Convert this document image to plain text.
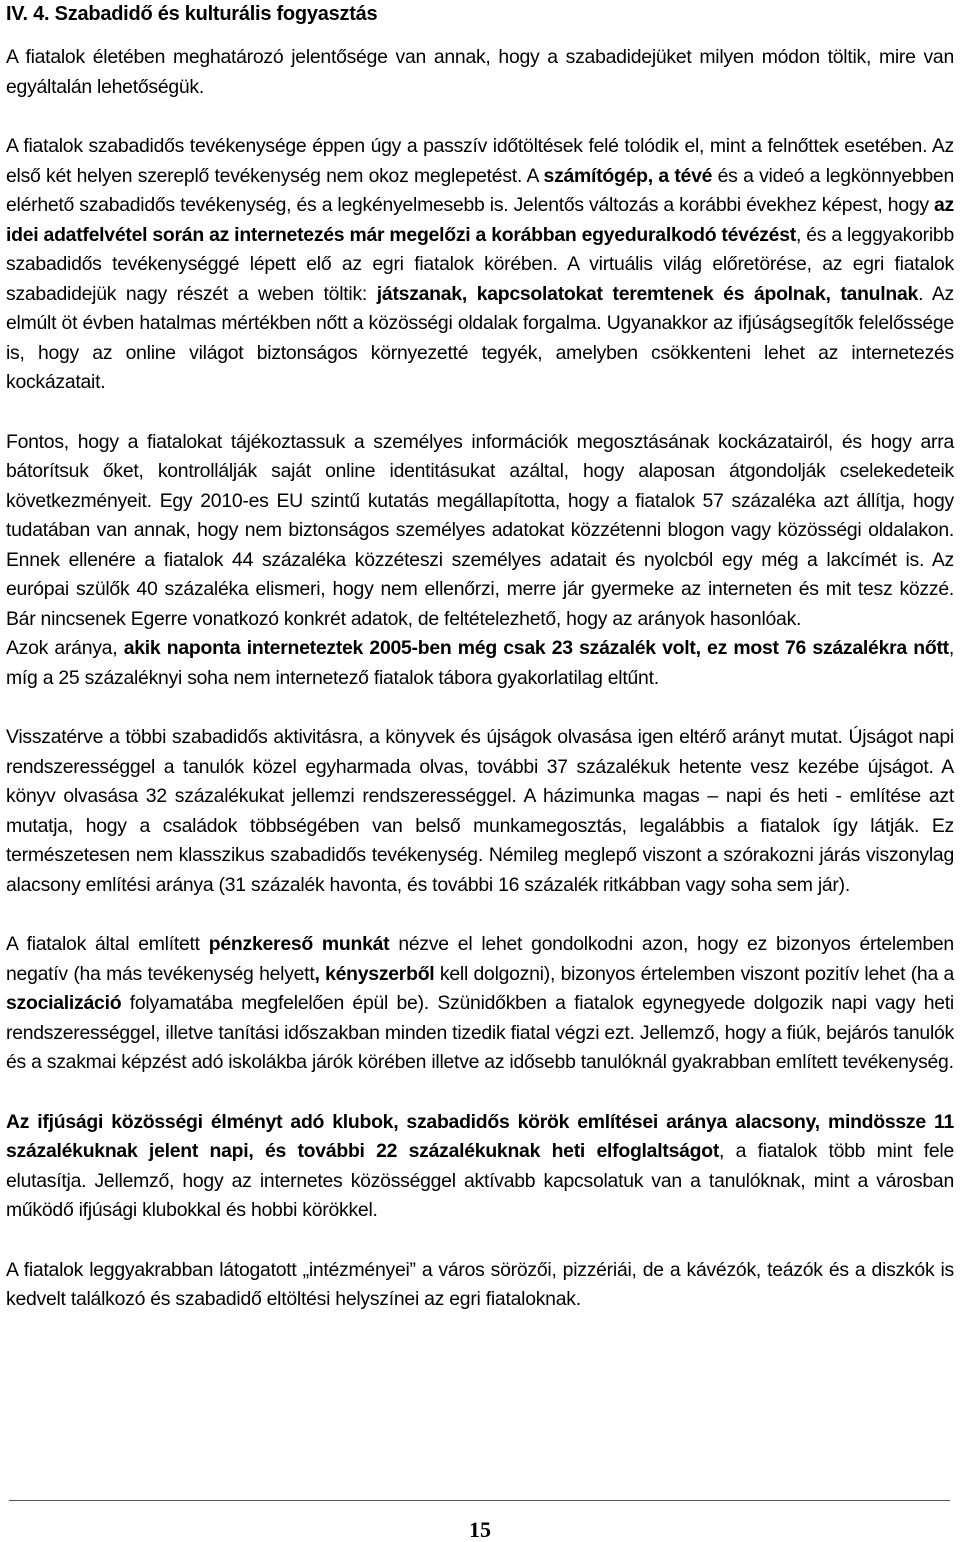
IV. 4. Szabadidő és kulturális fogyasztás

A fiatalok életében meghatározó jelentősége van annak, hogy a szabadidejüket milyen módon töltik, mire van egyáltalán lehetőségük.

A fiatalok szabadidős tevékenysége éppen úgy a passzív időtöltések felé tolódik el, mint a felnőttek esetében. Az első két helyen szereplő tevékenység nem okoz meglepetést. A számítógép, a tévé és a videó a legkönnyebben elérhető szabadidős tevékenység, és a legkényelmesebb is. Jelentős változás a korábbi évekhez képest, hogy az idei adatfelvétel során az internetezés már megelőzi a korábban egyeduralkodó tévézést, és a leggyakoribb szabadidős tevékenységgé lépett elő az egri fiatalok körében. A virtuális világ előretörése, az egri fiatalok szabadidejük nagy részét a weben töltik: játszanak, kapcsolatokat teremtenek és ápolnak, tanulnak. Az elmúlt öt évben hatalmas mértékben nőtt a közösségi oldalak forgalma. Ugyanakkor az ifjúságsegítők felelőssége is, hogy az online világot biztonságos környezetté tegyék, amelyben csökkenteni lehet az internetezés kockázatait.

Fontos, hogy a fiatalokat tájékoztassuk a személyes információk megosztásának kockázatairól, és hogy arra bátorítsuk őket, kontrollálják saját online identitásukat azáltal, hogy alaposan átgondolják cselekedeteik következményeit. Egy 2010-es EU szintű kutatás megállapította, hogy a fiatalok 57 százaléka azt állítja, hogy tudatában van annak, hogy nem biztonságos személyes adatokat közzétenni blogon vagy közösségi oldalakon. Ennek ellenére a fiatalok 44 százaléka közzéteszi személyes adatait és nyolcból egy még a lakcímét is. Az európai szülők 40 százaléka elismeri, hogy nem ellenőrzi, merre jár gyermeke az interneten és mit tesz közzé. Bár nincsenek Egerre vonatkozó konkrét adatok, de feltételezhető, hogy az arányok hasonlóak.

Azok aránya, akik naponta interneteztek 2005-ben még csak 23 százalék volt, ez most 76 százalékra nőtt, míg a 25 százaléknyi soha nem internetező fiatalok tábora gyakorlatilag eltűnt.

Visszatérve a többi szabadidős aktivitásra, a könyvek és újságok olvasása igen eltérő arányt mutat. Újságot napi rendszerességgel a tanulók közel egyharmada olvas, további 37 százalékuk hetente vesz kezébe újságot. A könyv olvasása 32 százalékukat jellemzi rendszerességgel. A házimunka magas – napi és heti - említése azt mutatja, hogy a családok többségében van belső munkamegosztás, legalábbis a fiatalok így látják. Ez természetesen nem klasszikus szabadidős tevékenység. Némileg meglepő viszont a szórakozni járás viszonylag alacsony említési aránya (31 százalék havonta, és további 16 százalék ritkábban vagy soha sem jár).

A fiatalok által említett pénzkereső munkát nézve el lehet gondolkodni azon, hogy ez bizonyos értelemben negatív (ha más tevékenység helyett, kényszerből kell dolgozni), bizonyos értelemben viszont pozitív lehet (ha a szocializáció folyamatába megfelelően épül be). Szünidőkben a fiatalok egynegyede dolgozik napi vagy heti rendszerességgel, illetve tanítási időszakban minden tizedik fiatal végzi ezt. Jellemző, hogy a fiúk, bejárós tanulók és a szakmai képzést adó iskolákba járók körében illetve az idősebb tanulóknál gyakrabban említett tevékenység.

Az ifjúsági közösségi élményt adó klubok, szabadidős körök említései aránya alacsony, mindössze 11 százalékuknak jelent napi, és további 22 százalékuknak heti elfoglaltságot, a fiatalok több mint fele elutasítja. Jellemző, hogy az internetes közösséggel aktívabb kapcsolatuk van a tanulóknak, mint a városban működő ifjúsági klubokkal és hobbi körökkel.

A fiatalok leggyakrabban látogatott „intézményei” a város sörözői, pizzériái, de a kávézók, teázók és a diszkók is kedvelt találkozó és szabadidő eltöltési helyszínei az egri fiataloknak.

15
